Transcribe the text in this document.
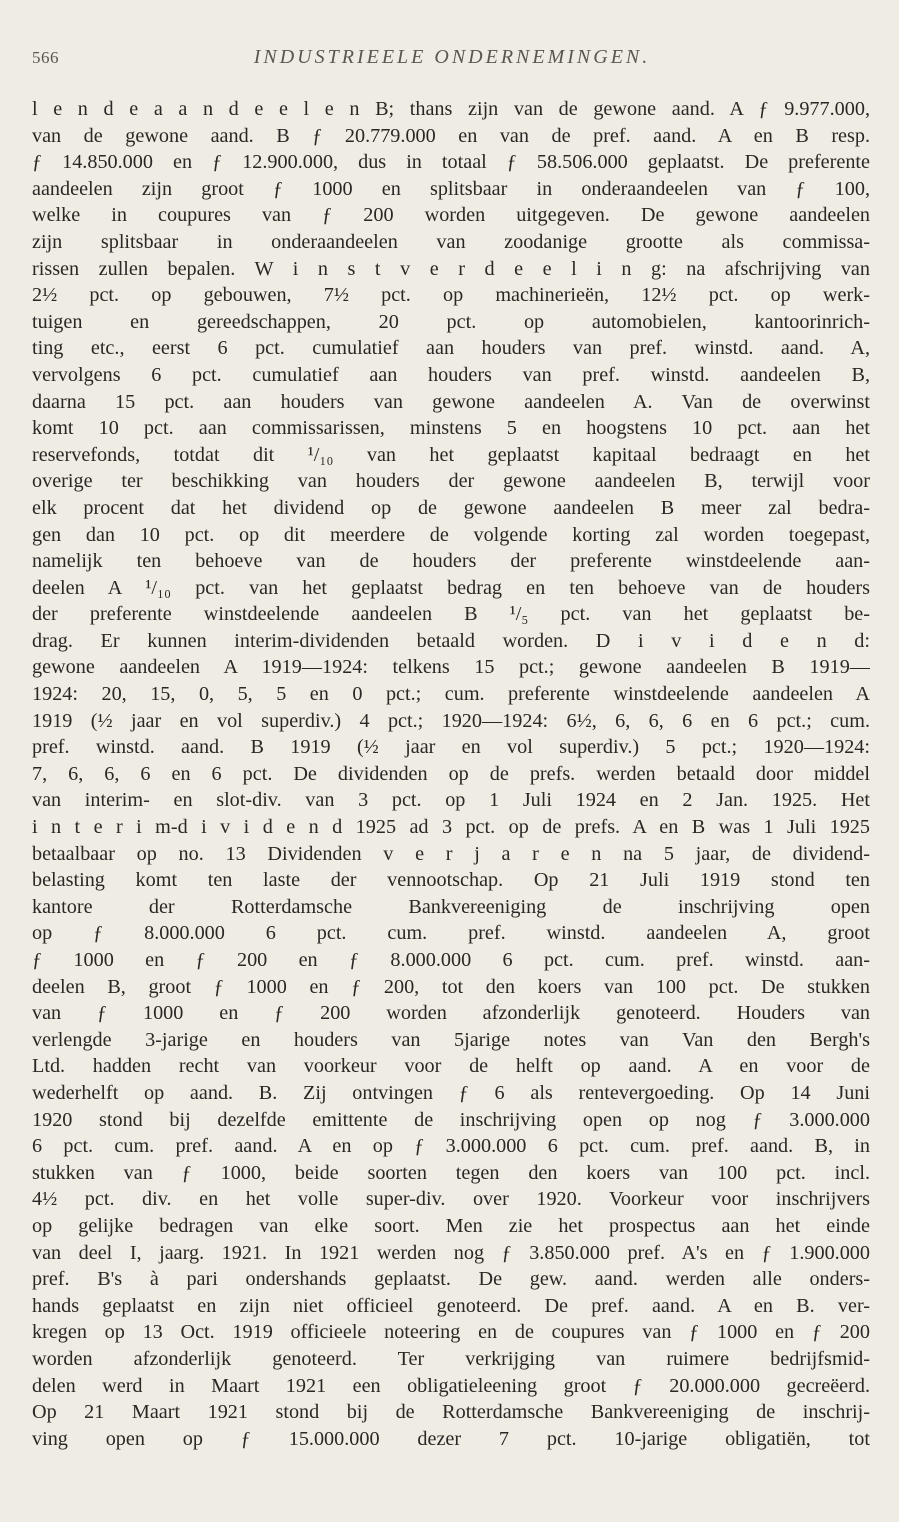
566	INDUSTRIEELE ONDERNEMINGEN.
l e n d e a a n d e e l e n B; thans zijn van de gewone aand. A ƒ 9.977.000,
van de gewone aand. B ƒ 20.779.000 en van de pref. aand. A en B resp.
ƒ 14.850.000 en ƒ 12.900.000, dus in totaal ƒ 58.506.000 geplaatst. De preferente
aandeelen zijn groot ƒ 1000 en splitsbaar in onderaandeelen van ƒ 100,
welke in coupures van ƒ 200 worden uitgegeven. De gewone aandeelen
zijn splitsbaar in onderaandeelen van zoodanige grootte als commissa-
rissen zullen bepalen. W i n s t v e r d e e l i n g: na afschrijving van
2½ pct. op gebouwen, 7½ pct. op machinerieën, 12½ pct. op werk-
tuigen en gereedschappen, 20 pct. op automobielen, kantoorinrich-
ting etc., eerst 6 pct. cumulatief aan houders van pref. winstd. aand. A,
vervolgens 6 pct. cumulatief aan houders van pref. winstd. aandeelen B,
daarna 15 pct. aan houders van gewone aandeelen A. Van de overwinst
komt 10 pct. aan commissarissen, minstens 5 en hoogstens 10 pct. aan het
reservefonds, totdat dit ¹/₁₀ van het geplaatst kapitaal bedraagt en het
overige ter beschikking van houders der gewone aandeelen B, terwijl voor
elk procent dat het dividend op de gewone aandeelen B meer zal bedra-
gen dan 10 pct. op dit meerdere de volgende korting zal worden toegepast,
namelijk ten behoeve van de houders der preferente winstdeelende aan-
deelen A ¹/₁₀ pct. van het geplaatst bedrag en ten behoeve van de houders
der preferente winstdeelende aandeelen B ¹/₅ pct. van het geplaatst be-
drag. Er kunnen interim-dividenden betaald worden. D i v i d e n d:
gewone aandeelen A 1919—1924: telkens 15 pct.; gewone aandeelen B 1919—
1924: 20, 15, 0, 5, 5 en 0 pct.; cum. preferente winstdeelende aandeelen A
1919 (½ jaar en vol superdiv.) 4 pct.; 1920—1924: 6½, 6, 6, 6 en 6 pct.; cum.
pref. winstd. aand. B 1919 (½ jaar en vol superdiv.) 5 pct.; 1920—1924:
7, 6, 6, 6 en 6 pct. De dividenden op de prefs. werden betaald door middel
van interim- en slot-div. van 3 pct. op 1 Juli 1924 en 2 Jan. 1925. Het
i n t e r i m-d i v i d e n d 1925 ad 3 pct. op de prefs. A en B was 1 Juli 1925
betaalbaar op no. 13 Dividenden v e r j a r e n na 5 jaar, de dividend-
belasting komt ten laste der vennootschap. Op 21 Juli 1919 stond ten
kantore der Rotterdamsche Bankvereeniging de inschrijving open
op ƒ 8.000.000 6 pct. cum. pref. winstd. aandeelen A, groot
ƒ 1000 en ƒ 200 en ƒ 8.000.000 6 pct. cum. pref. winstd. aan-
deelen B, groot ƒ 1000 en ƒ 200, tot den koers van 100 pct. De stukken
van ƒ 1000 en ƒ 200 worden afzonderlijk genoteerd. Houders van
verlengde 3-jarige en houders van 5jarige notes van Van den Bergh's
Ltd. hadden recht van voorkeur voor de helft op aand. A en voor de
wederhelft op aand. B. Zij ontvingen ƒ 6 als rentevergoeding. Op 14 Juni
1920 stond bij dezelfde emittente de inschrijving open op nog ƒ 3.000.000
6 pct. cum. pref. aand. A en op ƒ 3.000.000 6 pct. cum. pref. aand. B, in
stukken van ƒ 1000, beide soorten tegen den koers van 100 pct. incl.
4½ pct. div. en het volle super-div. over 1920. Voorkeur voor inschrijvers
op gelijke bedragen van elke soort. Men zie het prospectus aan het einde
van deel I, jaarg. 1921. In 1921 werden nog ƒ 3.850.000 pref. A's en ƒ 1.900.000
pref. B's à pari ondershands geplaatst. De gew. aand. werden alle onders-
hands geplaatst en zijn niet officieel genoteerd. De pref. aand. A en B. ver-
kregen op 13 Oct. 1919 officieele noteering en de coupures van ƒ 1000 en ƒ 200
worden afzonderlijk genoteerd. Ter verkrijging van ruimere bedrijfsmid-
delen werd in Maart 1921 een obligatieleening groot ƒ 20.000.000 gecreëerd.
Op 21 Maart 1921 stond bij de Rotterdamsche Bankvereeniging de inschrij-
ving open op ƒ 15.000.000 dezer 7 pct. 10-jarige obligatiën, tot
